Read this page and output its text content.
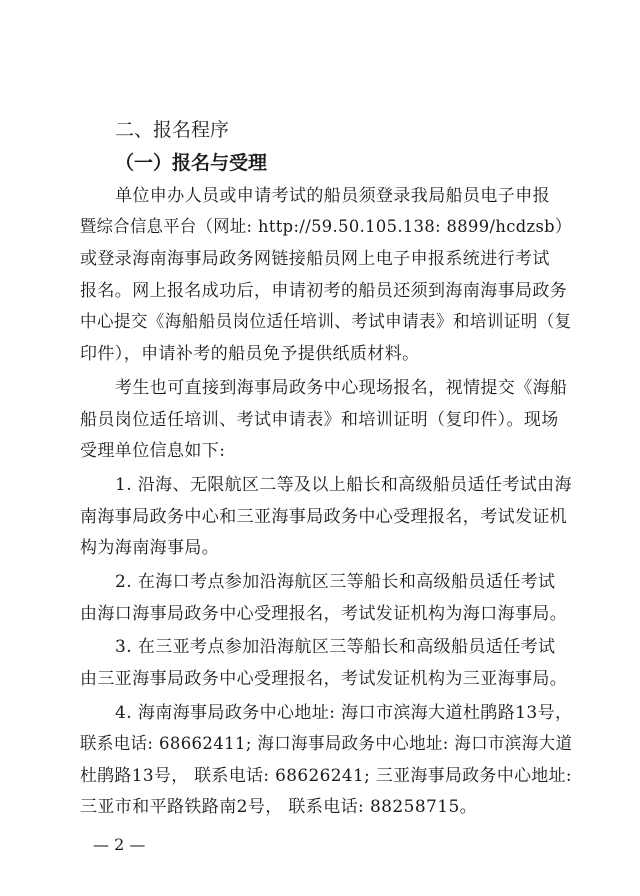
二、报名程序
（一）报名与受理
单位申办人员或申请考试的船员须登录我局船员电子申报
暨综合信息平台（网址: http://59.50.105.138: 8899/hcdzsb）
或登录海南海事局政务网链接船员网上电子申报系统进行考试
报名。网上报名成功后，申请初考的船员还须到海南海事局政务
中心提交《海船船员岗位适任培训、考试申请表》和培训证明（复
印件），申请补考的船员免予提供纸质材料。
考生也可直接到海事局政务中心现场报名，视情提交《海船
船员岗位适任培训、考试申请表》和培训证明（复印件）。现场
受理单位信息如下:
1. 沿海、无限航区二等及以上船长和高级船员适任考试由海
南海事局政务中心和三亚海事局政务中心受理报名，考试发证机
构为海南海事局。
2. 在海口考点参加沿海航区三等船长和高级船员适任考试
由海口海事局政务中心受理报名，考试发证机构为海口海事局。
3. 在三亚考点参加沿海航区三等船长和高级船员适任考试
由三亚海事局政务中心受理报名，考试发证机构为三亚海事局。
4. 海南海事局政务中心地址: 海口市滨海大道杜鹃路13号，
联系电话: 68662411; 海口海事局政务中心地址: 海口市滨海大道
杜鹃路13号， 联系电话: 68626241; 三亚海事局政务中心地址:
三亚市和平路铁路南2号， 联系电话: 88258715。
— 2 —
